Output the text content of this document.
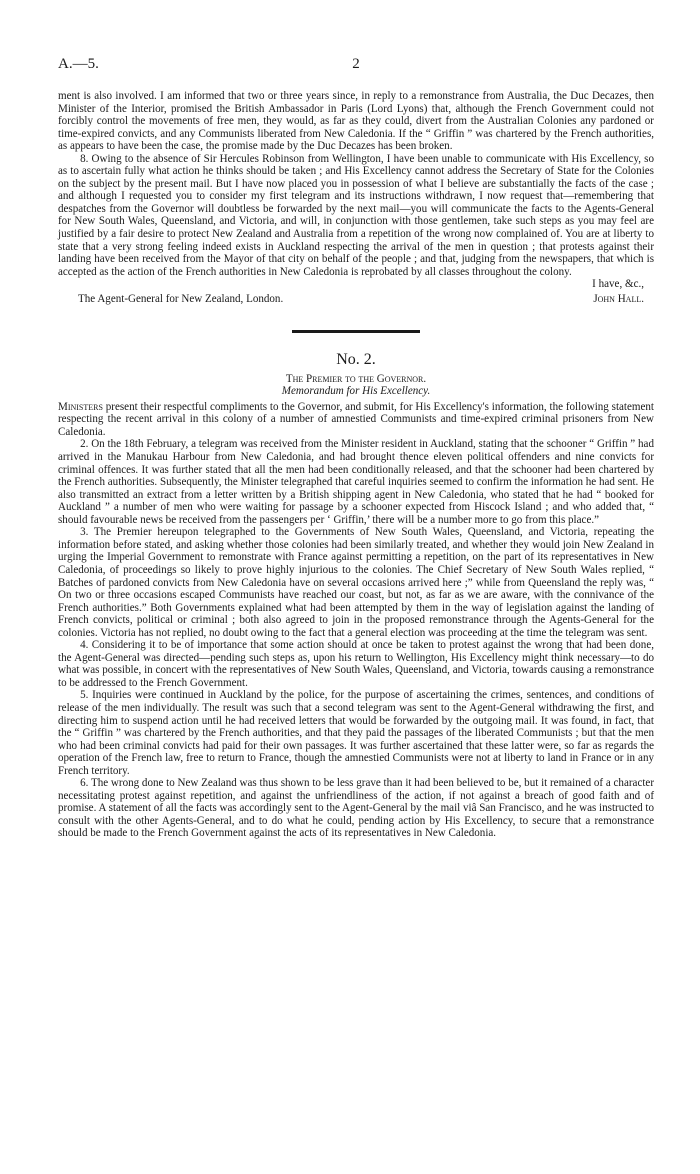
A.—5.	2

ment is also involved. I am informed that two or three years since, in reply to a remonstrance from Australia, the Duc Decazes, then Minister of the Interior, promised the British Ambassador in Paris (Lord Lyons) that, although the French Government could not forcibly control the movements of free men, they would, as far as they could, divert from the Australian Colonies any pardoned or time-expired convicts, and any Communists liberated from New Caledonia. If the “ Griffin ” was chartered by the French authorities, as appears to have been the case, the promise made by the Duc Decazes has been broken.

8. Owing to the absence of Sir Hercules Robinson from Wellington, I have been unable to communicate with His Excellency, so as to ascertain fully what action he thinks should be taken ; and His Excellency cannot address the Secretary of State for the Colonies on the subject by the present mail. But I have now placed you in possession of what I believe are substantially the facts of the case ; and although I requested you to consider my first telegram and its instructions withdrawn, I now request that—remembering that despatches from the Governor will doubtless be forwarded by the next mail—you will communicate the facts to the Agents-General for New South Wales, Queensland, and Victoria, and will, in conjunction with those gentlemen, take such steps as you may feel are justified by a fair desire to protect New Zealand and Australia from a repetition of the wrong now complained of. You are at liberty to state that a very strong feeling indeed exists in Auckland respecting the arrival of the men in question ; that protests against their landing have been received from the Mayor of that city on behalf of the people ; and that, judging from the newspapers, that which is accepted as the action of the French authorities in New Caledonia is reprobated by all classes throughout the colony.

I have, &c.,

The Agent-General for New Zealand, London.	John Hall.

No. 2.

The Premier to the Governor.

Memorandum for His Excellency.

Ministers present their respectful compliments to the Governor, and submit, for His Excellency's information, the following statement respecting the recent arrival in this colony of a number of amnestied Communists and time-expired criminal prisoners from New Caledonia.

2. On the 18th February, a telegram was received from the Minister resident in Auckland, stating that the schooner “ Griffin ” had arrived in the Manukau Harbour from New Caledonia, and had brought thence eleven political offenders and nine convicts for criminal offences. It was further stated that all the men had been conditionally released, and that the schooner had been chartered by the French authorities. Subsequently, the Minister telegraphed that careful inquiries seemed to confirm the information he had sent. He also transmitted an extract from a letter written by a British shipping agent in New Caledonia, who stated that he had “ booked for Auckland ” a number of men who were waiting for passage by a schooner expected from Hiscock Island ; and who added that, “ should favourable news be received from the passengers per ‘ Griffin,’ there will be a number more to go from this place.”

3. The Premier hereupon telegraphed to the Governments of New South Wales, Queensland, and Victoria, repeating the information before stated, and asking whether those colonies had been similarly treated, and whether they would join New Zealand in urging the Imperial Government to remonstrate with France against permitting a repetition, on the part of its representatives in New Caledonia, of proceedings so likely to prove highly injurious to the colonies. The Chief Secretary of New South Wales replied, “ Batches of pardoned convicts from New Caledonia have on several occasions arrived here ;” while from Queensland the reply was, “ On two or three occasions escaped Communists have reached our coast, but not, as far as we are aware, with the connivance of the French authorities.” Both Governments explained what had been attempted by them in the way of legislation against the landing of French convicts, political or criminal ; both also agreed to join in the proposed remonstrance through the Agents-General for the colonies. Victoria has not replied, no doubt owing to the fact that a general election was proceeding at the time the telegram was sent.

4. Considering it to be of importance that some action should at once be taken to protest against the wrong that had been done, the Agent-General was directed—pending such steps as, upon his return to Wellington, His Excellency might think necessary—to do what was possible, in concert with the representatives of New South Wales, Queensland, and Victoria, towards causing a remonstrance to be addressed to the French Government.

5. Inquiries were continued in Auckland by the police, for the purpose of ascertaining the crimes, sentences, and conditions of release of the men individually. The result was such that a second telegram was sent to the Agent-General withdrawing the first, and directing him to suspend action until he had received letters that would be forwarded by the outgoing mail. It was found, in fact, that the “ Griffin ” was chartered by the French authorities, and that they paid the passages of the liberated Communists ; but that the men who had been criminal convicts had paid for their own passages. It was further ascertained that these latter were, so far as regards the operation of the French law, free to return to France, though the amnestied Communists were not at liberty to land in France or in any French territory.

6. The wrong done to New Zealand was thus shown to be less grave than it had been believed to be, but it remained of a character necessitating protest against repetition, and against the unfriendliness of the action, if not against a breach of good faith and of promise. A statement of all the facts was accordingly sent to the Agent-General by the mail viâ San Francisco, and he was instructed to consult with the other Agents-General, and to do what he could, pending action by His Excellency, to secure that a remonstrance should be made to the French Government against the acts of its representatives in New Caledonia.
